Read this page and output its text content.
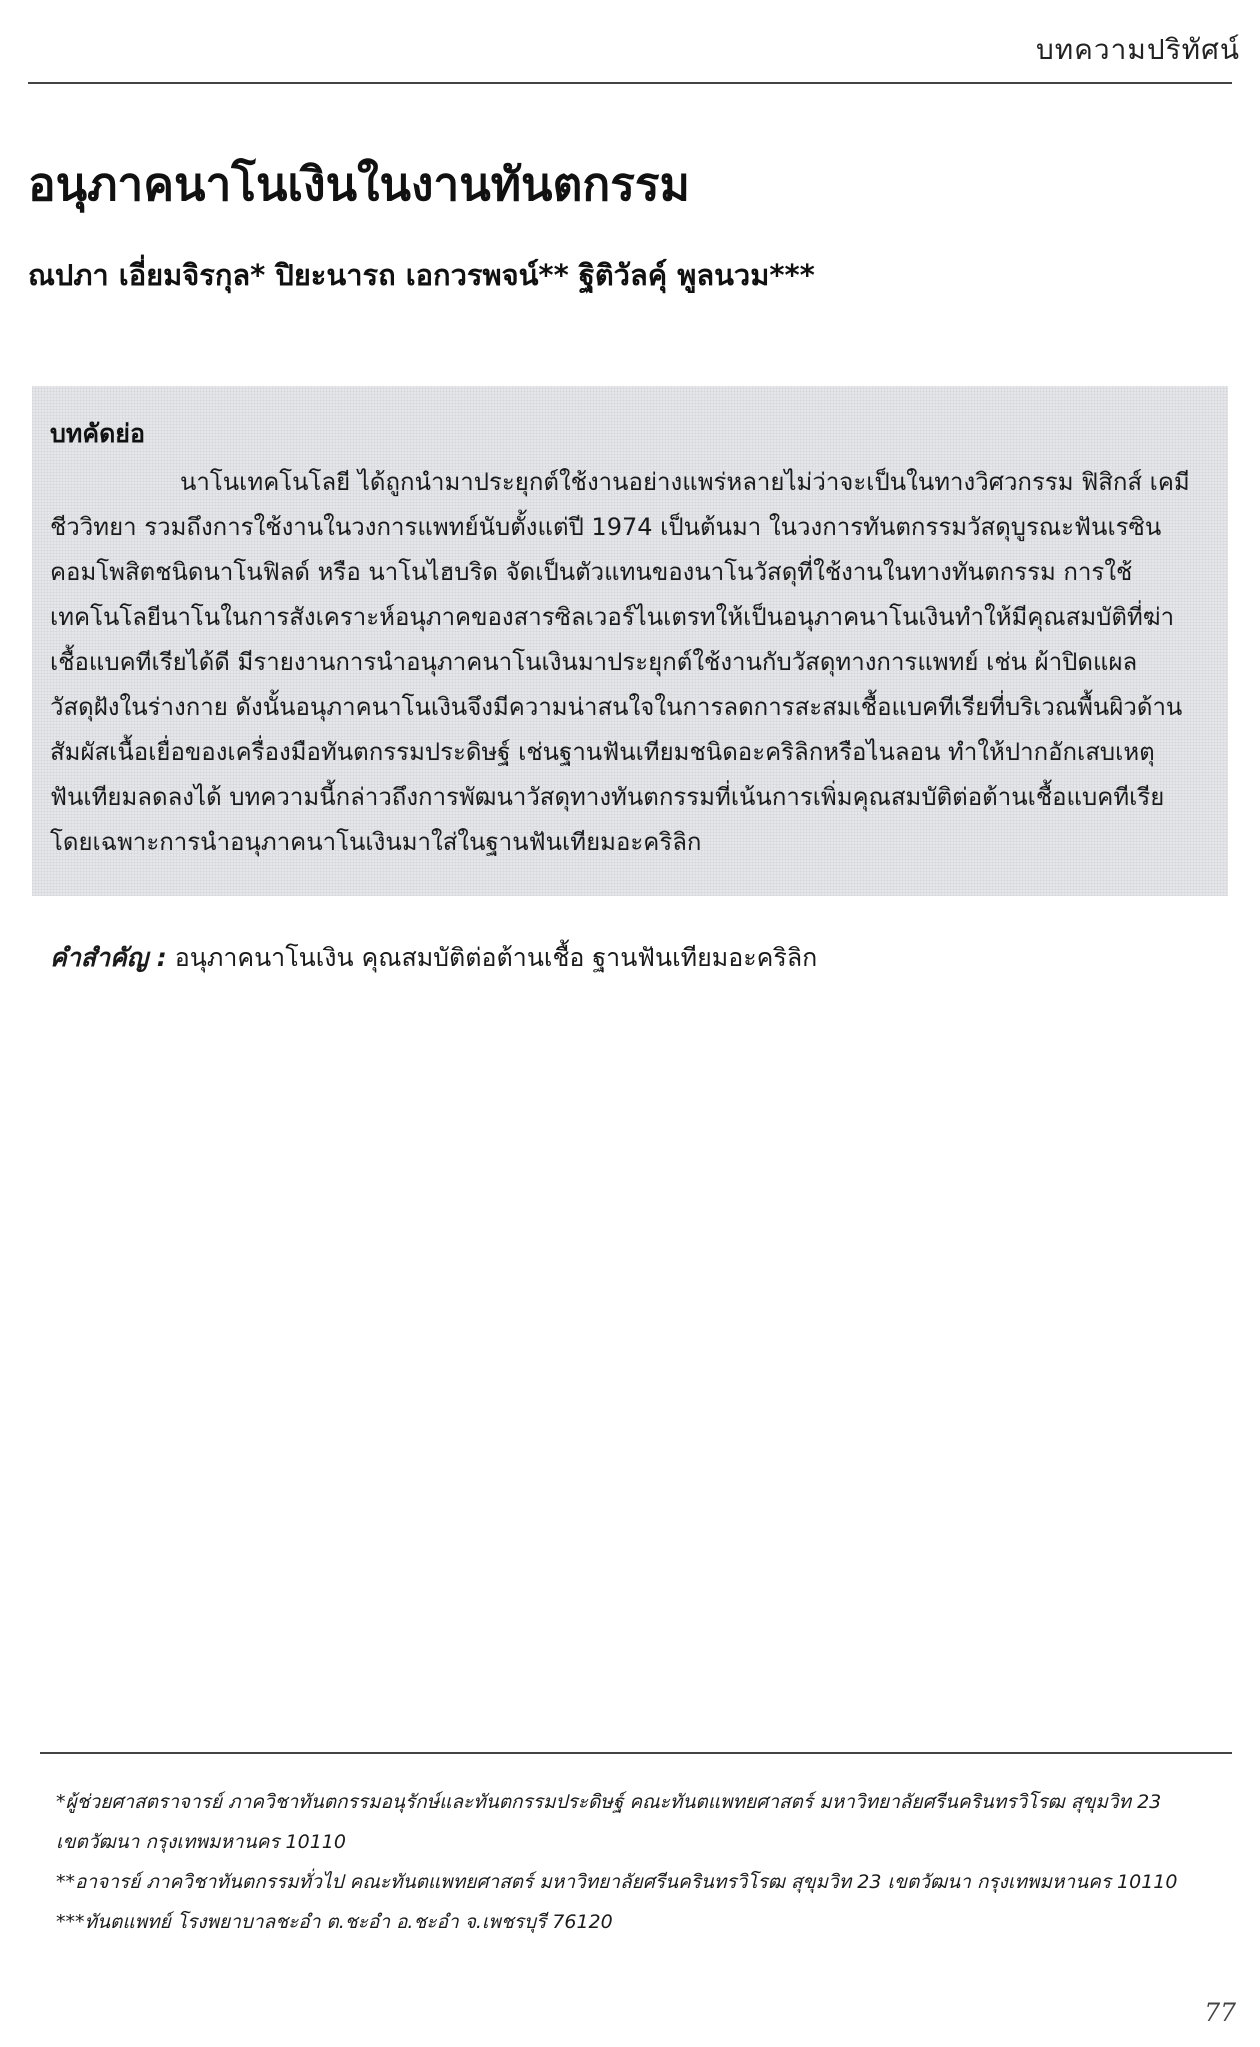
บทความปริทัศน์
อนุภาคนาโนเงินในงานทันตกรรม
ณปภา เอี่ยมจิรกุล* ปิยะนารถ เอกวรพจน์** ฐิติวัลคุ์ พูลนวม***
บทคัดย่อ
นาโนเทคโนโลยี ได้ถูกนำมาประยุกต์ใช้งานอย่างแพร่หลายไม่ว่าจะเป็นในทางวิศวกรรม ฟิสิกส์ เคมี
ชีววิทยา รวมถึงการใช้งานในวงการแพทย์นับตั้งแต่ปี 1974 เป็นต้นมา ในวงการทันตกรรมวัสดุบูรณะฟันเรซิน
คอมโพสิตชนิดนาโนฟิลด์ หรือ นาโนไฮบริด จัดเป็นตัวแทนของนาโนวัสดุที่ใช้งานในทางทันตกรรม การใช้
เทคโนโลยีนาโนในการสังเคราะห์อนุภาคของสารซิลเวอร์ไนเตรทให้เป็นอนุภาคนาโนเงินทำให้มีคุณสมบัติที่ฆ่า
เชื้อแบคทีเรียได้ดี มีรายงานการนำอนุภาคนาโนเงินมาประยุกต์ใช้งานกับวัสดุทางการแพทย์ เช่น ผ้าปิดแผล
วัสดุฝังในร่างกาย ดังนั้นอนุภาคนาโนเงินจึงมีความน่าสนใจในการลดการสะสมเชื้อแบคทีเรียที่บริเวณพื้นผิวด้าน
สัมผัสเนื้อเยื่อของเครื่องมือทันตกรรมประดิษฐ์ เช่นฐานฟันเทียมชนิดอะคริลิกหรือไนลอน ทำให้ปากอักเสบเหตุ
ฟันเทียมลดลงได้ บทความนี้กล่าวถึงการพัฒนาวัสดุทางทันตกรรมที่เน้นการเพิ่มคุณสมบัติต่อต้านเชื้อแบคทีเรีย
โดยเฉพาะการนำอนุภาคนาโนเงินมาใส่ในฐานฟันเทียมอะคริลิก
คำสำคัญ : อนุภาคนาโนเงิน คุณสมบัติต่อต้านเชื้อ ฐานฟันเทียมอะคริลิก
*ผู้ช่วยศาสตราจารย์ ภาควิชาทันตกรรมอนุรักษ์และทันตกรรมประดิษฐ์ คณะทันตแพทยศาสตร์ มหาวิทยาลัยศรีนครินทรวิโรฒ สุขุมวิท 23
เขตวัฒนา กรุงเทพมหานคร 10110
**อาจารย์ ภาควิชาทันตกรรมทั่วไป คณะทันตแพทยศาสตร์ มหาวิทยาลัยศรีนครินทรวิโรฒ สุขุมวิท 23 เขตวัฒนา กรุงเทพมหานคร 10110
***ทันตแพทย์ โรงพยาบาลชะอำ ต.ชะอำ อ.ชะอำ จ.เพชรบุรี 76120
77
